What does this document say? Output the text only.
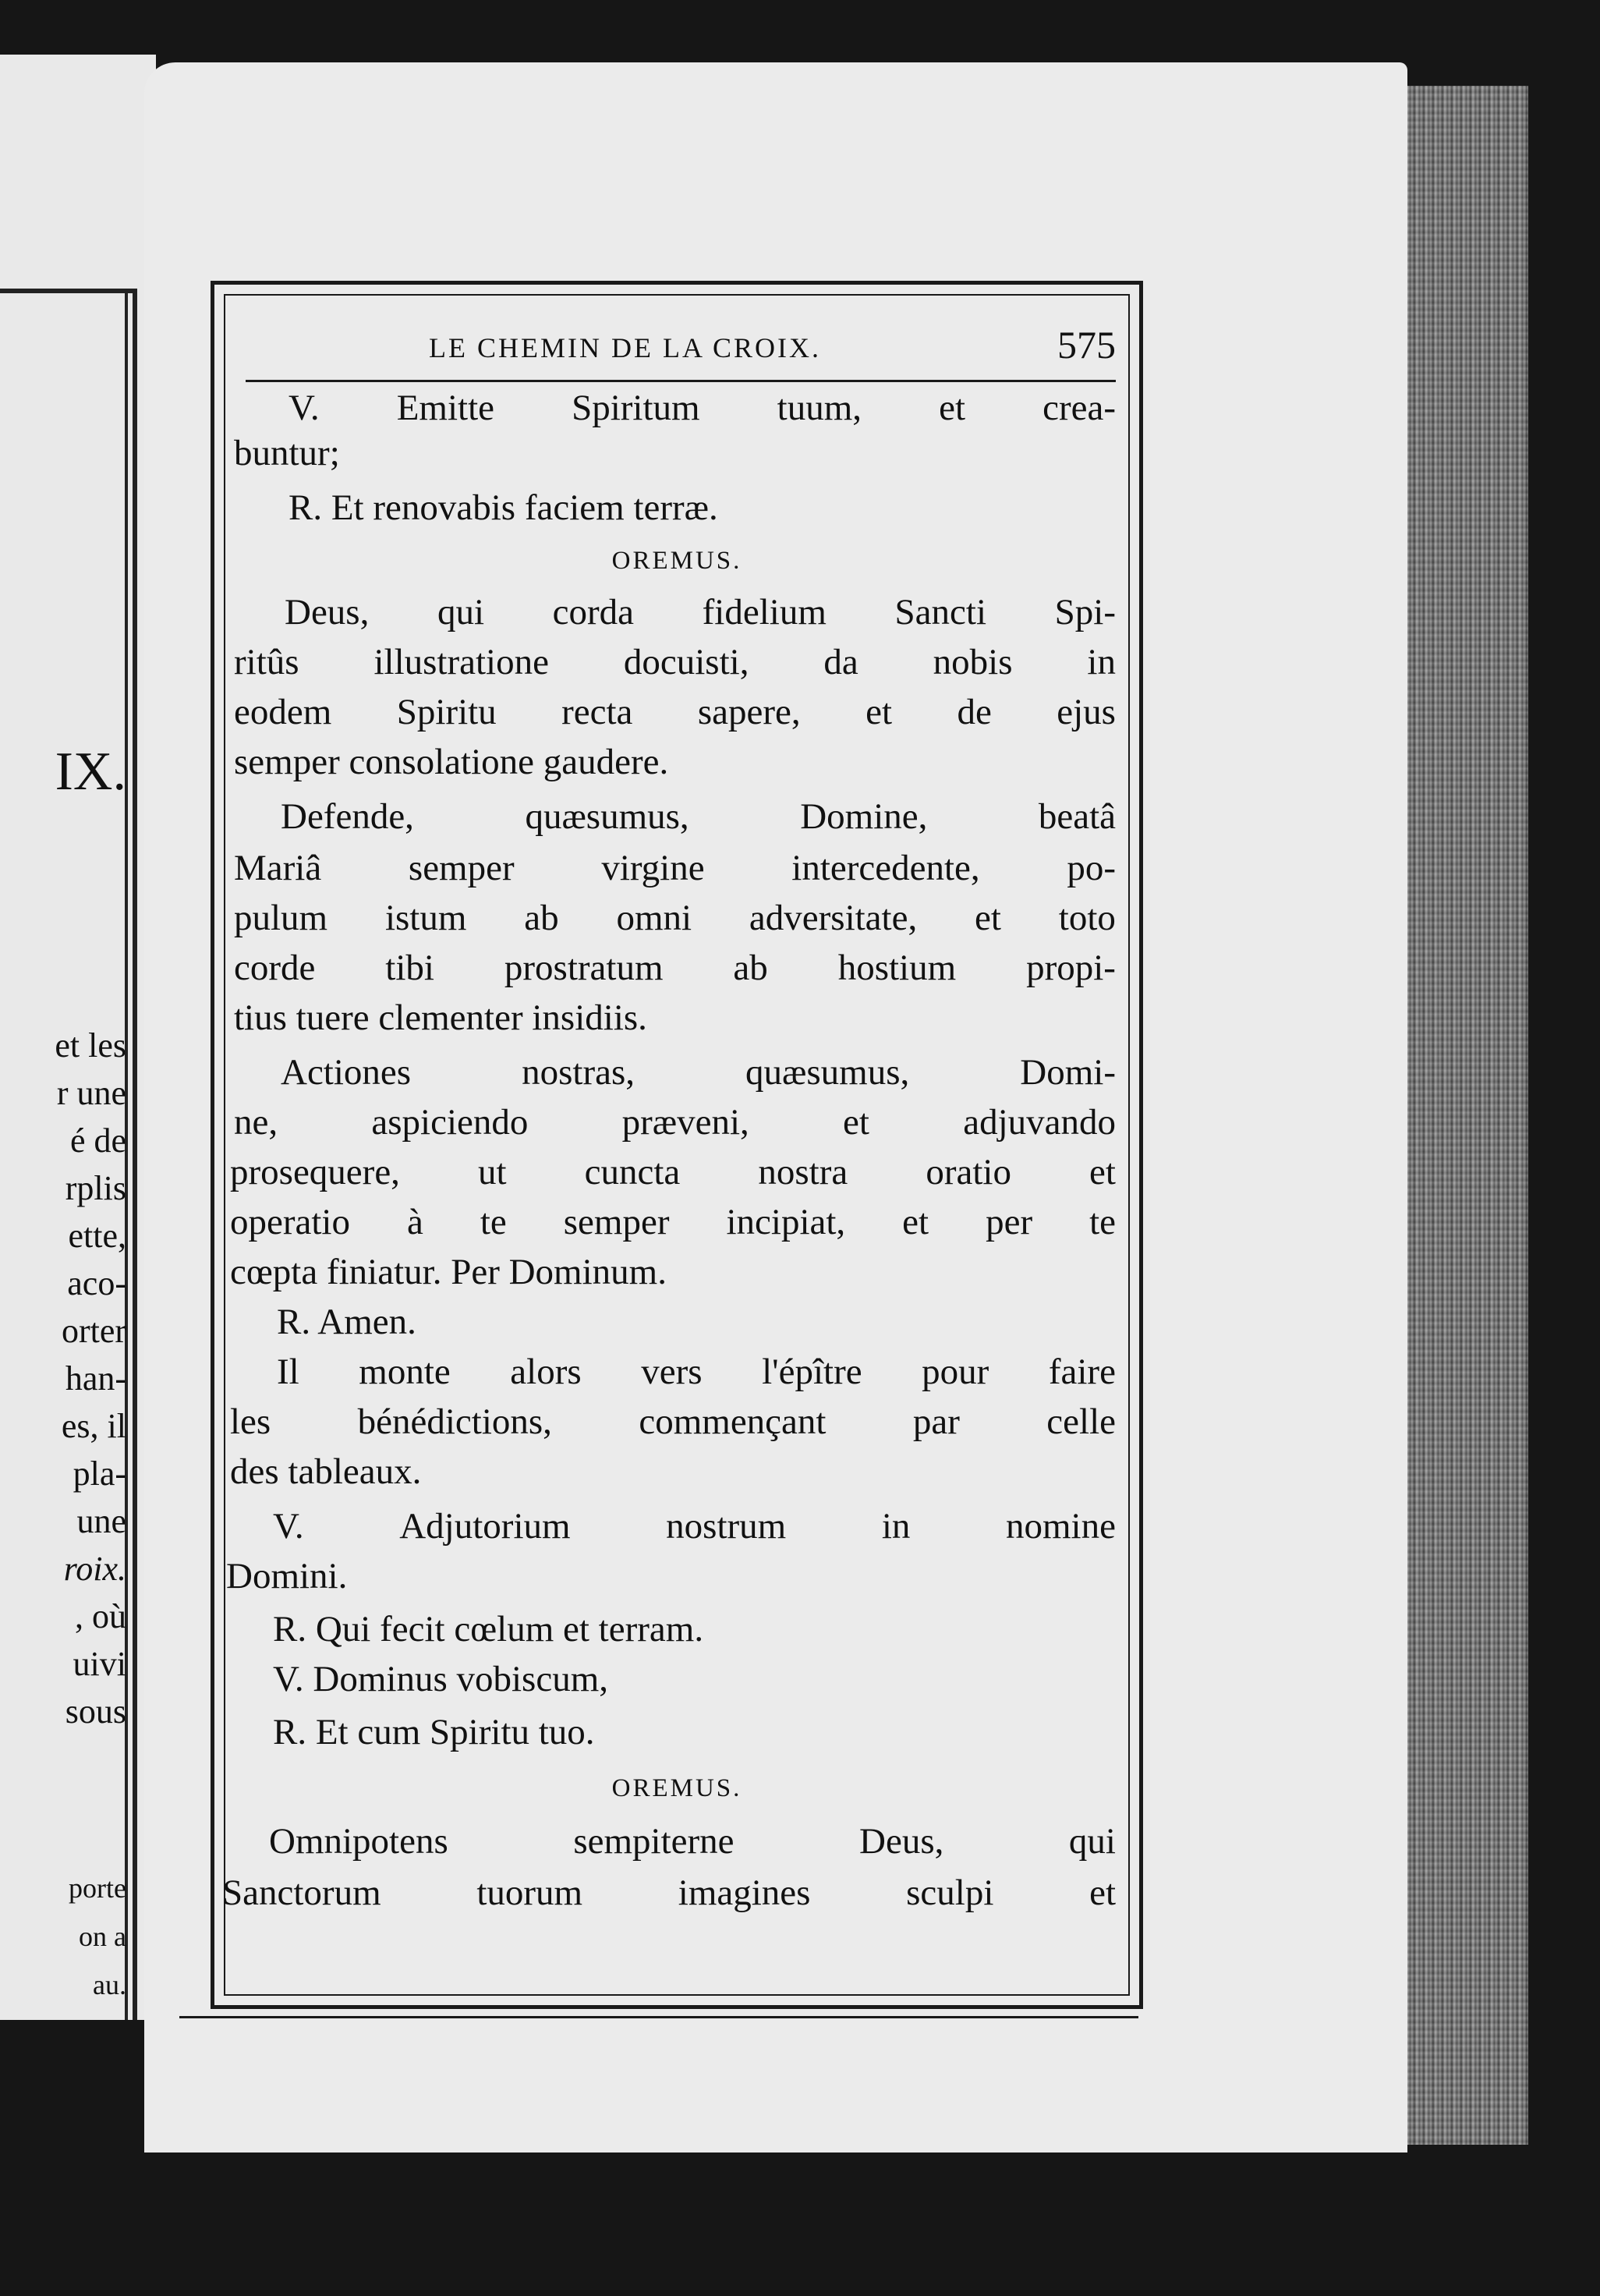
IX.
et les
r une
é de
rplis
ette,
aco-
orter
han-
es, il
pla-
une
roix.
, où
uivi
sous
porte
on a
au.
LE CHEMIN DE LA CROIX.	575
V. Emitte Spiritum tuum, et crea-
buntur;
R. Et renovabis faciem terræ.
OREMUS.
Deus, qui corda fidelium Sancti Spi-
ritûs illustratione docuisti, da nobis in
eodem Spiritu recta sapere, et de ejus
semper consolatione gaudere.
Defende,	quæsumus,	Domine,	beatâ
Mariâ semper virgine intercedente, po-
pulum istum ab omni adversitate, et toto
corde tibi prostratum ab hostium propi-
tius tuere clementer insidiis.
Actiones	nostras,	quæsumus,	Domi-
ne,	aspiciendo	præveni,	et	adjuvando
prosequere, ut cuncta nostra oratio et
operatio à te semper incipiat, et per te
cœpta finiatur. Per Dominum.
R. Amen.
Il monte alors vers l'épître pour faire
les bénédictions, commençant par celle
des tableaux.
V.	Adjutorium	nostrum	in	nomine
Domini.
R. Qui fecit cœlum et terram.
V. Dominus vobiscum,
R. Et cum Spiritu tuo.
OREMUS.
Omnipotens	sempiterne	Deus,	qui
Sanctorum	tuorum	imagines	sculpi	et
